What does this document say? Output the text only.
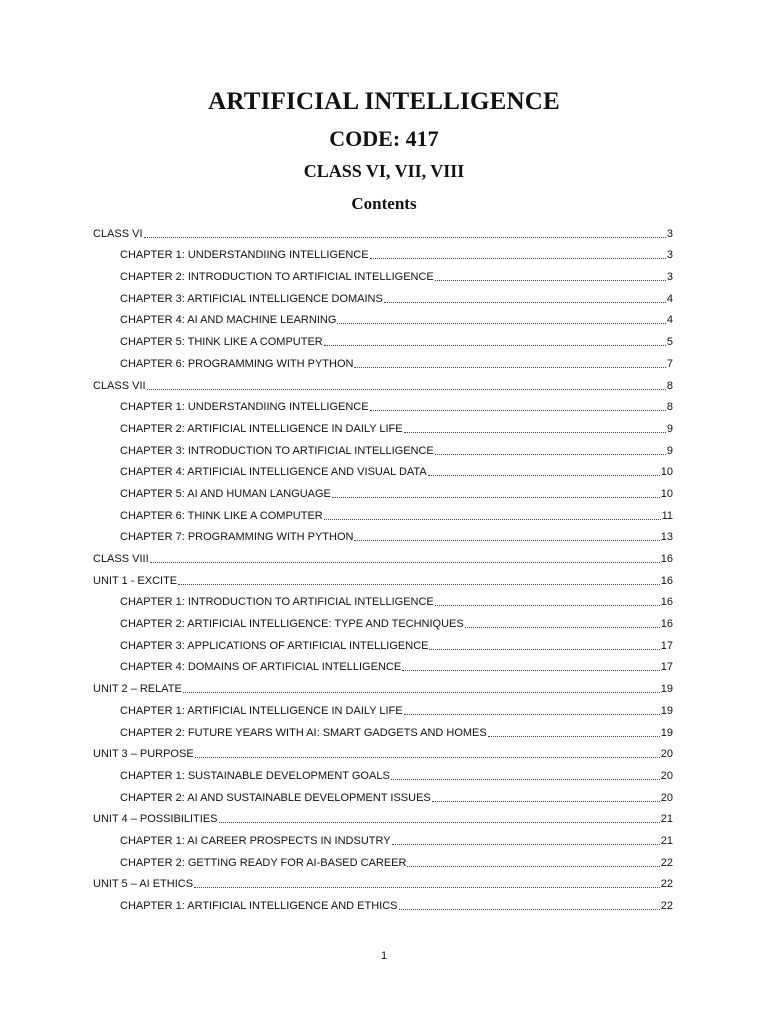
ARTIFICIAL INTELLIGENCE
CODE: 417
CLASS VI, VII, VIII
Contents
CLASS VI	3
CHAPTER 1: UNDERSTANDIING INTELLIGENCE	3
CHAPTER 2: INTRODUCTION TO ARTIFICIAL INTELLIGENCE	3
CHAPTER 3: ARTIFICIAL INTELLIGENCE DOMAINS	4
CHAPTER 4: AI AND MACHINE LEARNING	4
CHAPTER 5: THINK LIKE A COMPUTER	5
CHAPTER 6: PROGRAMMING WITH PYTHON	7
CLASS VII	8
CHAPTER 1: UNDERSTANDIING INTELLIGENCE	8
CHAPTER 2: ARTIFICIAL INTELLIGENCE IN DAILY LIFE	9
CHAPTER 3: INTRODUCTION TO ARTIFICIAL INTELLIGENCE	9
CHAPTER 4: ARTIFICIAL INTELLIGENCE AND VISUAL DATA	10
CHAPTER 5: AI AND HUMAN LANGUAGE	10
CHAPTER 6: THINK LIKE A COMPUTER	11
CHAPTER 7: PROGRAMMING WITH PYTHON	13
CLASS VIII	16
UNIT 1 - EXCITE	16
CHAPTER 1: INTRODUCTION TO ARTIFICIAL INTELLIGENCE	16
CHAPTER 2: ARTIFICIAL INTELLIGENCE: TYPE AND TECHNIQUES	16
CHAPTER 3: APPLICATIONS OF ARTIFICIAL INTELLIGENCE	17
CHAPTER 4: DOMAINS OF ARTIFICIAL INTELLIGENCE	17
UNIT 2 – RELATE	19
CHAPTER 1: ARTIFICIAL INTELLIGENCE IN DAILY LIFE	19
CHAPTER 2: FUTURE YEARS WITH AI: SMART GADGETS AND HOMES	19
UNIT 3 – PURPOSE	20
CHAPTER 1: SUSTAINABLE DEVELOPMENT GOALS	20
CHAPTER 2: AI AND SUSTAINABLE DEVELOPMENT ISSUES	20
UNIT 4 – POSSIBILITIES	21
CHAPTER 1: AI CAREER PROSPECTS IN INDSUTRY	21
CHAPTER 2: GETTING READY FOR AI-BASED CAREER	22
UNIT 5 – AI ETHICS	22
CHAPTER 1: ARTIFICIAL INTELLIGENCE AND ETHICS	22
1
